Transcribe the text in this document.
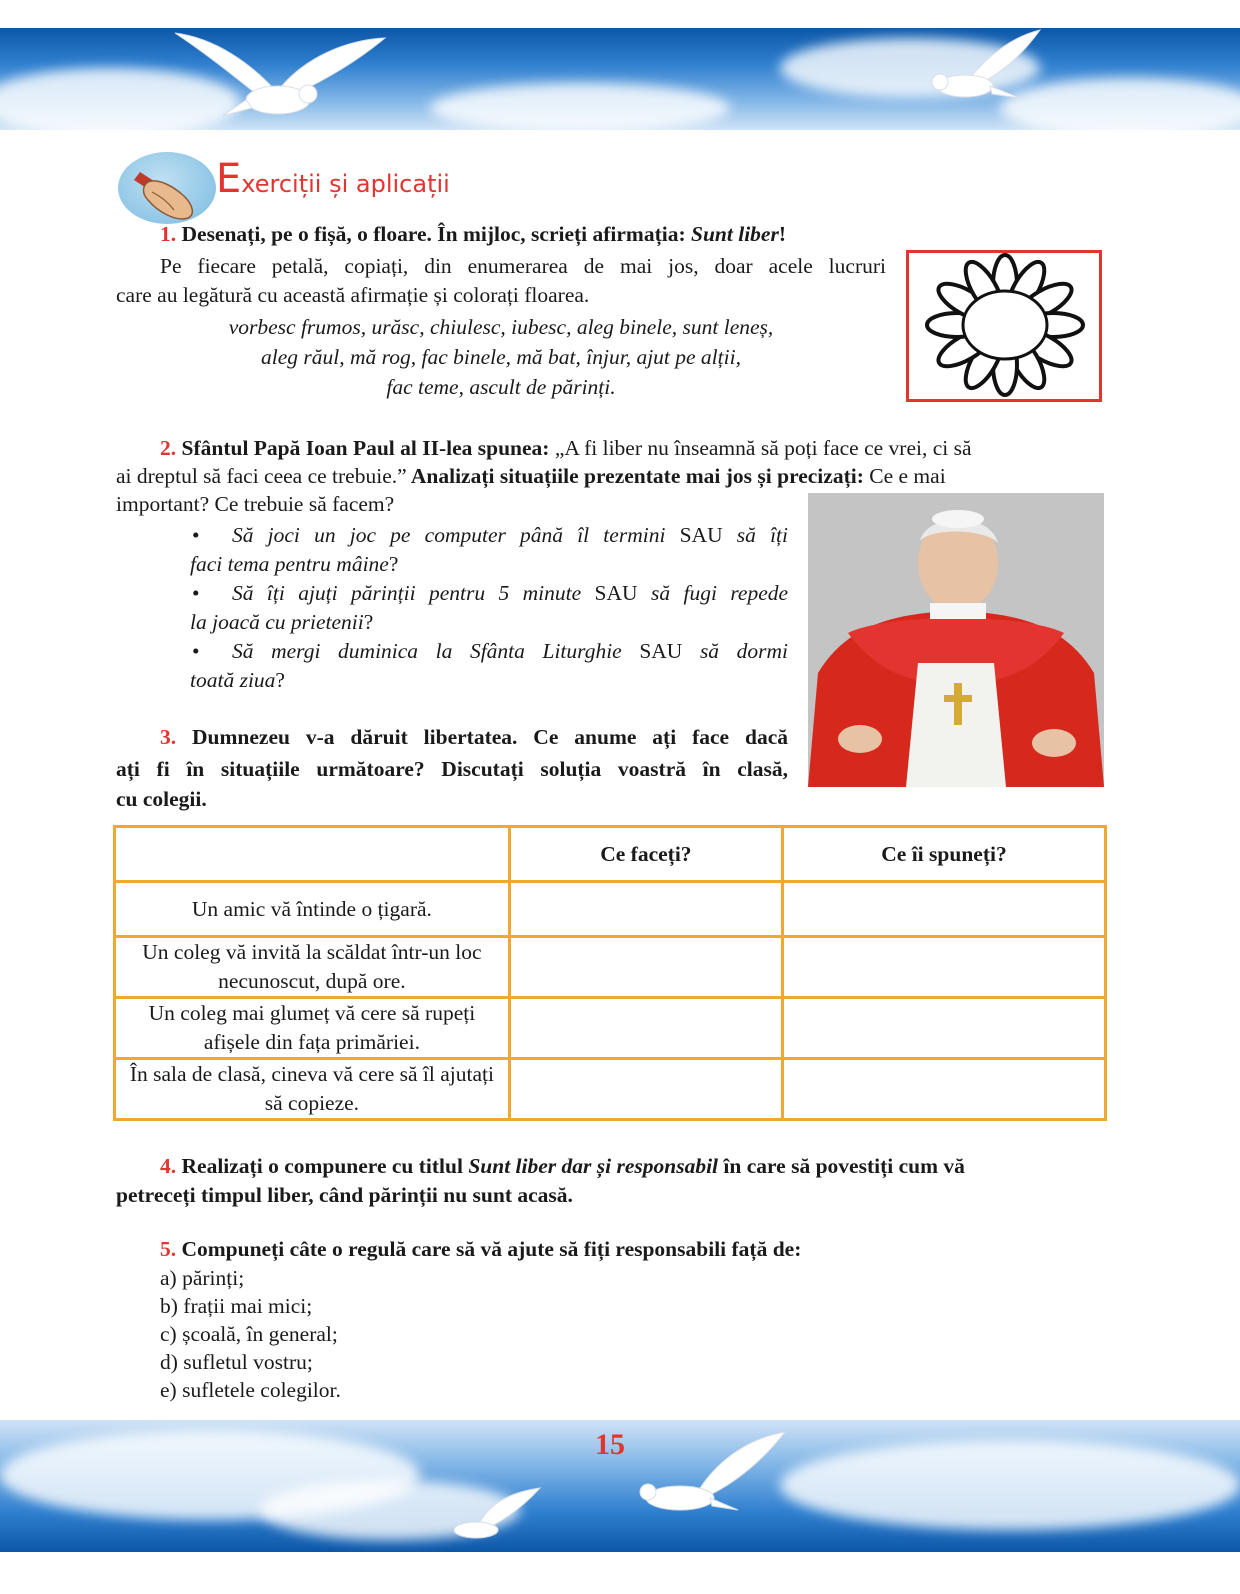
Exerciții și aplicații
1. Desenați, pe o fișă, o floare. În mijloc, scrieți afirmația: Sunt liber!
Pe fiecare petală, copiați, din enumerarea de mai jos, doar acele lucruri
care au legătură cu această afirmație și colorați floarea.
vorbesc frumos, urăsc, chiulesc, iubesc, aleg binele, sunt leneș,
aleg răul, mă rog, fac binele, mă bat, înjur, ajut pe alții,
fac teme, ascult de părinți.
2. Sfântul Papă Ioan Paul al II-lea spunea: „A fi liber nu înseamnă să poți face ce vrei, ci să
ai dreptul să faci ceea ce trebuie.” Analizați situațiile prezentate mai jos și precizați: Ce e mai
important? Ce trebuie să facem?
•	Să joci un joc pe computer până îl termini SAU să îți
faci tema pentru mâine?
•	Să îți ajuți părinții pentru 5 minute SAU să fugi repede
la joacă cu prietenii?
•	Să mergi duminica la Sfânta Liturghie SAU să dormi
toată ziua?
3. Dumnezeu v-a dăruit libertatea. Ce anume ați face dacă
ați fi în situațiile următoare? Discutați soluția voastră în clasă,
cu colegii.
	Ce faceți?	Ce îi spuneți?
Un amic vă întinde o țigară.		
Un coleg vă invită la scăldat într-un loc necunoscut, după ore.		
Un coleg mai glumeț vă cere să rupeți afișele din fața primăriei.		
În sala de clasă, cineva vă cere să îl ajutați să copieze.		
4. Realizați o compunere cu titlul Sunt liber dar și responsabil în care să povestiți cum vă
petreceți timpul liber, când părinții nu sunt acasă.
5. Compuneți câte o regulă care să vă ajute să fiți responsabili față de:
a) părinți;
b) frații mai mici;
c) școală, în general;
d) sufletul vostru;
e) sufletele colegilor.
15
